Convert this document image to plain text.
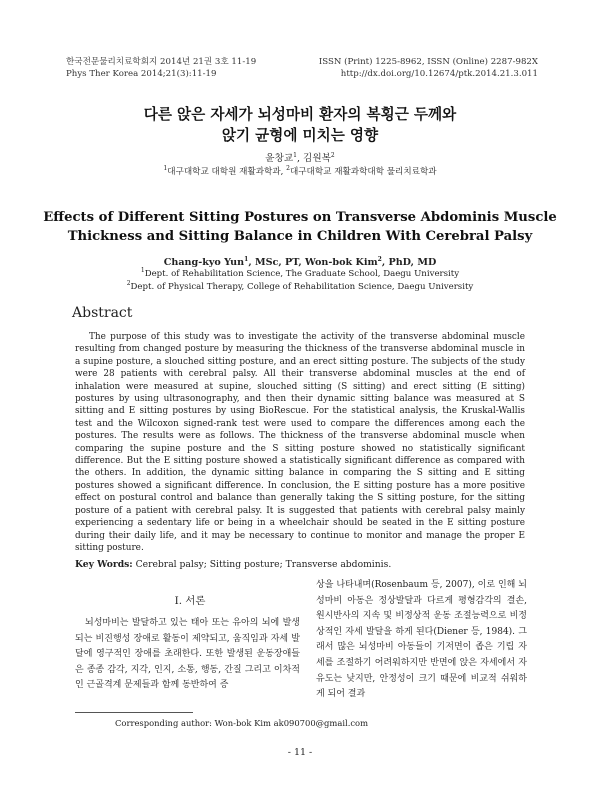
한국전문물리치료학회지 2014년 21권 3호 11-19
Phys Ther Korea 2014;21(3):11-19
ISSN (Print) 1225-8962, ISSN (Online) 2287-982X
http://dx.doi.org/10.12674/ptk.2014.21.3.011
다른 앉은 자세가 뇌성마비 환자의 복횡근 두께와
앉기 균형에 미치는 영향
윤창교$^1$, 김원복$^2$
$^1$대구대학교 대학원 재활과학과, $^2$대구대학교 재활과학대학 물리치료학과
Effects of Different Sitting Postures on Transverse Abdominis Muscle
Thickness and Sitting Balance in Children With Cerebral Palsy
Chang-kyo Yun$^1$, MSc, PT, Won-bok Kim$^2$, PhD, MD
$^1$Dept. of Rehabilitation Science, The Graduate School, Daegu University
$^2$Dept. of Physical Therapy, College of Rehabilitation Science, Daegu University
Abstract

The purpose of this study was to investigate the activity of the transverse abdominal muscle resulting from changed posture by measuring the thickness of the transverse abdominal muscle in a supine posture, a slouched sitting posture, and an erect sitting posture. The subjects of the study were 28 patients with cerebral palsy. All their transverse abdominal muscles at the end of inhalation were measured at supine, slouched sitting (S sitting) and erect sitting (E sitting) postures by using ultrasonography, and then their dynamic sitting balance was measured at S sitting and E sitting postures by using BioRescue. For the statistical analysis, the Kruskal-Wallis test and the Wilcoxon signed-rank test were used to compare the differences among each the postures. The results were as follows. The thickness of the transverse abdominal muscle when comparing the supine posture and the S sitting posture showed no statistically significant difference. But the E sitting posture showed a statistically significant difference as compared with the others. In addition, the dynamic sitting balance in comparing the S sitting and E sitting postures showed a significant difference. In conclusion, the E sitting posture has a more positive effect on postural control and balance than generally taking the S sitting posture, for the sitting posture of a patient with cerebral palsy. It is suggested that patients with cerebral palsy mainly experiencing a sedentary life or being in a wheelchair should be seated in the E sitting posture during their daily life, and it may be necessary to continue to monitor and manage the proper E sitting posture.

Key Words: Cerebral palsy; Sitting posture; Transverse abdominis.
Ⅰ. 서론

뇌성마비는 발달하고 있는 태아 또는 유아의 뇌에 발생되는 비진행성 장애로 활동이 제약되고, 움직임과 자세 발달에 영구적인 장애를 초래한다. 또한 발생된 운동장애들은 종종 감각, 지각, 인지, 소통, 행동, 간질 그리고 이차적인 근골격계 문제들과 함께 동반하여 증

상을 나타내며(Rosenbaum 등, 2007), 이로 인해 뇌성마비 아동은 정상발달과 다르게 평형감각의 결손, 원시반사의 지속 및 비정상적 운동 조절능력으로 비정상적인 자세 발달을 하게 된다(Diener 등, 1984). 그래서 많은 뇌성마비 아동들이 기저면이 좁은 기립 자세를 조절하기 어려워하지만 반면에 앉은 자세에서 자유도는 낮지만, 안정성이 크기 때문에 비교적 쉬워하게 되어 결과

Corresponding author: Won-bok Kim ak090700@gmail.com
- 11 -
